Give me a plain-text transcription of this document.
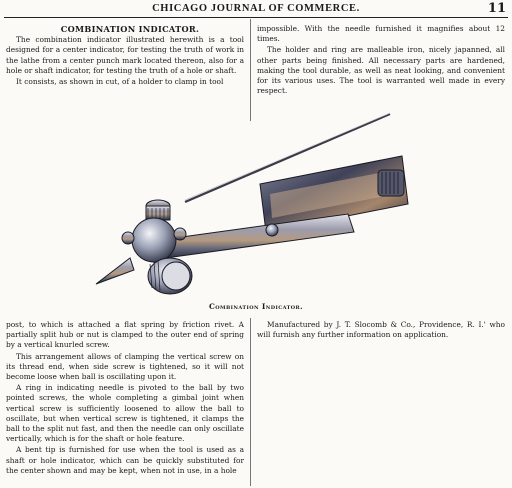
CHICAGO JOURNAL OF COMMERCE.	11

COMBINATION INDICATOR.

The combination indicator illustrated herewith is a tool designed for a center indicator, for testing the truth of work in the lathe from a center punch mark located thereon, also for a hole or shaft indicator, for testing the truth of a hole or shaft.

It consists, as shown in cut, of a holder to clamp in tool

impossible. With the needle furnished it magnifies about 12 times.

The holder and ring are malleable iron, nicely japanned, all other parts being finished. All necessary parts are hardened, making the tool durable, as well as neat looking, and convenient for its various uses. The tool is warranted well made in every respect.

Combination Indicator.

post, to which is attached a flat spring by friction rivet. A partially split hub or nut is clamped to the outer end of spring by a vertical knurled screw.

This arrangement allows of clamping the vertical screw on its thread end, when side screw is tightened, so it will not become loose when ball is oscillating upon it.

A ring in indicating needle is pivoted to the ball by two pointed screws, the whole completing a gimbal joint when vertical screw is sufficiently loosened to allow the ball to oscillate, but when vertical screw is tightened, it clamps the ball to the split nut fast, and then the needle can only oscillate vertically, which is for the shaft or hole feature.

A bent tip is furnished for use when the tool is used as a shaft or hole indicator, which can be quickly substituted for the center shown and may be kept, when not in use, in a hole

Manufactured by J. T. Slocomb & Co., Providence, R. I.' who will furnish any further information on application.
